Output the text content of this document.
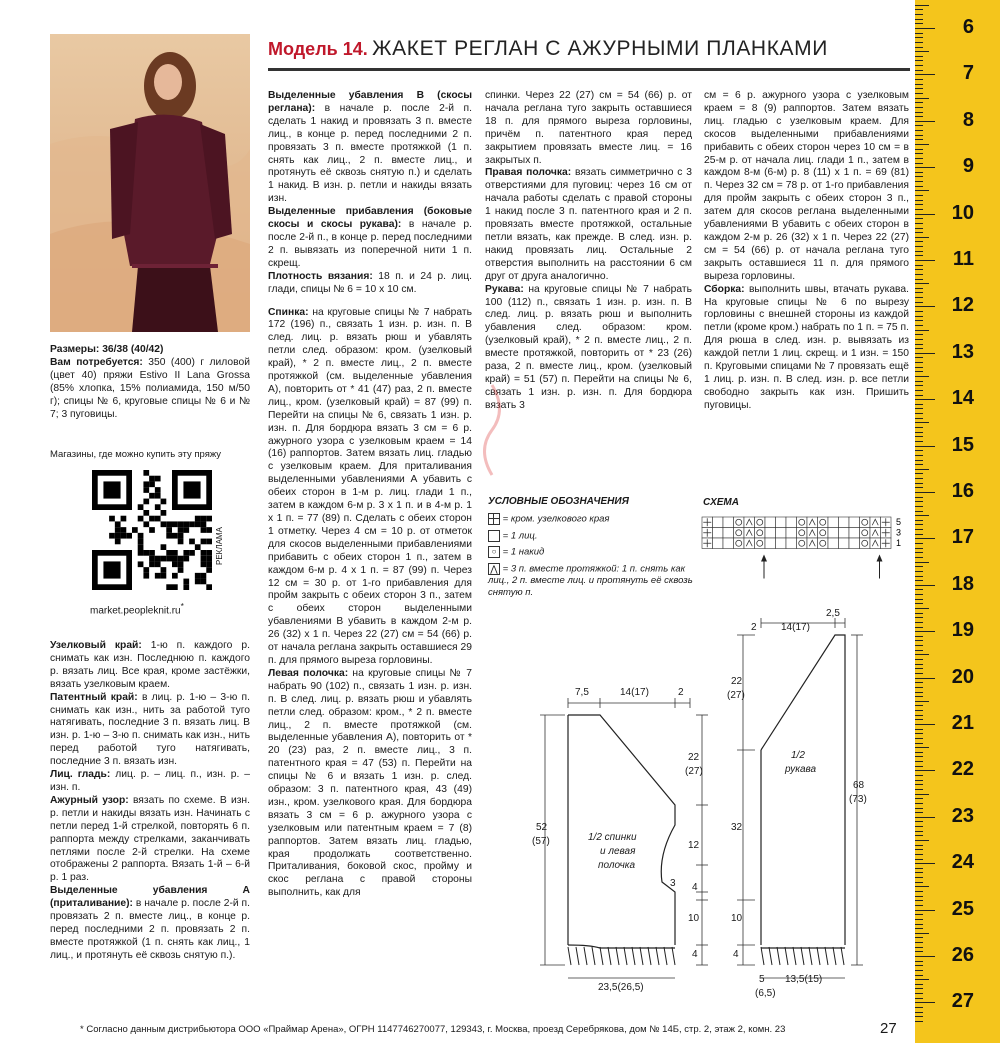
Модель 14. ЖАКЕТ РЕГЛАН С АЖУРНЫМИ ПЛАНКАМИ

Размеры: 36/38 (40/42)

Вам потребуется: 350 (400) г лиловой (цвет 40) пряжи Estivo II Lana Grossa (85% хлопка, 15% полиамида, 150 м/50 г); спицы № 6, круговые спицы № 6 и № 7; 3 пуговицы.

Магазины, где можно купить эту пряжу
РЕКЛАМА
market.peopleknit.ru*

Узелковый край: 1-ю п. каждого р. снимать как изн. Последнюю п. каждого р. вязать лиц. Все края, кроме застёжки, вязать узелковым краем.

Патентный край: в лиц. р. 1-ю – 3-ю п. снимать как изн., нить за работой туго натягивать, последние 3 п. вязать лиц. В изн. р. 1-ю – 3-ю п. снимать как изн., нить перед работой туго натягивать, последние 3 п. вязать изн.

Лиц. гладь: лиц. р. – лиц. п., изн. р. – изн. п.

Ажурный узор: вязать по схеме. В изн. р. петли и накиды вязать изн. Начинать с петли перед 1-й стрелкой, повторять 6 п. раппорта между стрелками, заканчивать петлями после 2-й стрелки. На схеме отображены 2 раппорта. Вязать 1-й – 6-й р. 1 раз.

Выделенные убавления А (приталивание): в начале р. после 2-й п. провязать 2 п. вместе лиц., в конце р. перед последними 2 п. провязать 2 п. вместе протяжкой (1 п. снять как лиц., 1 лиц., и протянуть её сквозь снятую п.).

Выделенные убавления В (скосы реглана): в начале р. после 2-й п. сделать 1 накид и провязать 3 п. вместе лиц., в конце р. перед последними 2 п. провязать 3 п. вместе протяжкой (1 п. снять как лиц., 2 п. вместе лиц., и протянуть её сквозь снятую п.) и сделать 1 накид. В изн. р. петли и накиды вязать изн.

Выделенные прибавления (боковые скосы и скосы рукава): в начале р. после 2-й п., в конце р. перед последними 2 п. вывязать из поперечной нити 1 п. скрещ.

Плотность вязания: 18 п. и 24 р. лиц. глади, спицы № 6 = 10 х 10 см.

Спинка: на круговые спицы № 7 набрать 172 (196) п., связать 1 изн. р. изн. п. В след. лиц. р. вязать рюш и убавлять петли след. образом: кром. (узелковый край), * 2 п. вместе лиц., 2 п. вместе протяжкой (см. выделенные убавления А), повторить от * 41 (47) раз, 2 п. вместе лиц., кром. (узелковый край) = 87 (99) п. Перейти на спицы № 6, связать 1 изн. р. изн. п. Для бордюра вязать 3 см = 6 р. ажурного узора с узелковым краем = 14 (16) раппортов. Затем вязать лиц. гладью с узелковым краем. Для приталивания выделенными убавлениями А убавить с обеих сторон в 1-м р. лиц. глади 1 п., затем в каждом 6-м р. 3 х 1 п. и в 4-м р. 1 х 1 п. = 77 (89) п. Сделать с обеих сторон 1 отметку. Через 4 см = 10 р. от отметок для скосов выделенными прибавлениями прибавить с обеих сторон 1 п., затем в каждом 6-м р. 4 х 1 п. = 87 (99) п. Через 12 см = 30 р. от 1-го прибавления для пройм закрыть с обеих сторон 3 п., затем с обеих сторон выделенными убавлениями В убавить в каждом 2-м р. 26 (32) х 1 п. Через 22 (27) см = 54 (66) р. от начала реглана закрыть оставшиеся 29 п. для прямого выреза горловины.

Левая полочка: на круговые спицы № 7 набрать 90 (102) п., связать 1 изн. р. изн. п. В след. лиц. р. вязать рюш и убавлять петли след. образом: кром., * 2 п. вместе лиц., 2 п. вместе протяжкой (см. выделенные убавления А), повторить от * 20 (23) раз, 2 п. вместе лиц., 3 п. патентного края = 47 (53) п. Перейти на спицы № 6 и вязать 1 изн. р. след. образом: 3 п. патентного края, 43 (49) изн., кром. узелкового края. Для бордюра вязать 3 см = 6 р. ажурного узора с узелковым или патентным краем = 7 (8) раппортов. Затем вязать лиц. гладью, края продолжать соответственно. Приталивания, боковой скос, пройму и скос реглана с правой стороны выполнить, как для

спинки. Через 22 (27) см = 54 (66) р. от начала реглана туго закрыть оставшиеся 18 п. для прямого выреза горловины, причём п. патентного края перед закрытием провязать вместе лиц. = 16 закрытых п.

Правая полочка: вязать симметрично с 3 отверстиями для пуговиц: через 16 см от начала работы сделать с правой стороны 1 накид после 3 п. патентного края и 2 п. провязать вместе протяжкой, остальные петли вязать, как прежде. В след. изн. р. накид провязать лиц. Остальные 2 отверстия выполнить на расстоянии 6 см друг от друга аналогично.

Рукава: на круговые спицы № 7 набрать 100 (112) п., связать 1 изн. р. изн. п. В след. лиц. р. вязать рюш и выполнить убавления след. образом: кром. (узелковый край), * 2 п. вместе лиц., 2 п. вместе протяжкой, повторить от * 23 (26) раза, 2 п. вместе лиц., кром. (узелковый край) = 51 (57) п. Перейти на спицы № 6, связать 1 изн. р. изн. п. Для бордюра вязать 3

см = 6 р. ажурного узора с узелковым краем = 8 (9) раппортов. Затем вязать лиц. гладью с узелковым краем. Для скосов выделенными прибавлениями прибавить с обеих сторон через 10 см = в 25-м р. от начала лиц. глади 1 п., затем в каждом 8-м (6-м) р. 8 (11) х 1 п. = 69 (81) п. Через 32 см = 78 р. от 1-го прибавления для пройм закрыть с обеих сторон 3 п., затем для скосов реглана выделенными убавлениями В убавить с обеих сторон в каждом 2-м р. 26 (32) х 1 п. Через 22 (27) см = 54 (66) р. от начала реглана туго закрыть оставшиеся 11 п. для прямого выреза горловины.

Сборка: выполнить швы, втачать рукава. На круговые спицы № 6 по вырезу горловины с внешней стороны из каждой петли (кроме кром.) набрать по 1 п. = 75 п. Для рюша в след. изн. р. вывязать из каждой петли 1 лиц. скрещ. и 1 изн. = 150 п. Круговыми спицами № 7 провязать ещё 1 лиц. р. изн. п. В след. изн. р. все петли свободно закрыть как изн. Пришить пуговицы.

УСЛОВНЫЕ ОБОЗНАЧЕНИЯ
= кром. узелкового края
= 1 лиц.
○ = 1 накид
⋀ = 3 п. вместе протяжкой: 1 п. снять как лиц., 2 п. вместе лиц. и протянуть её сквозь снятую п.
СХЕМА
5
3
1
7,5	14(17)	2
52
(57)
22
(27)
12
3 4
10
4
1/2 спинки
и левая
полочка
23,5(26,5)
2 14(17)
2,5
22
(27)
32
10
4
1/2
рукава
68
(73)
5
(6,5)
13,5(15)
* Согласно данным дистрибьютора ООО «Праймар Арена», ОГРН 1147746270077, 129343, г. Москва, проезд Серебрякова, дом № 14Б, стр. 2, этаж 2, комн. 23	27
6
7
8
9
10
11
12
13
14
15
16
17
18
19
20
21
22
23
24
25
26
27
